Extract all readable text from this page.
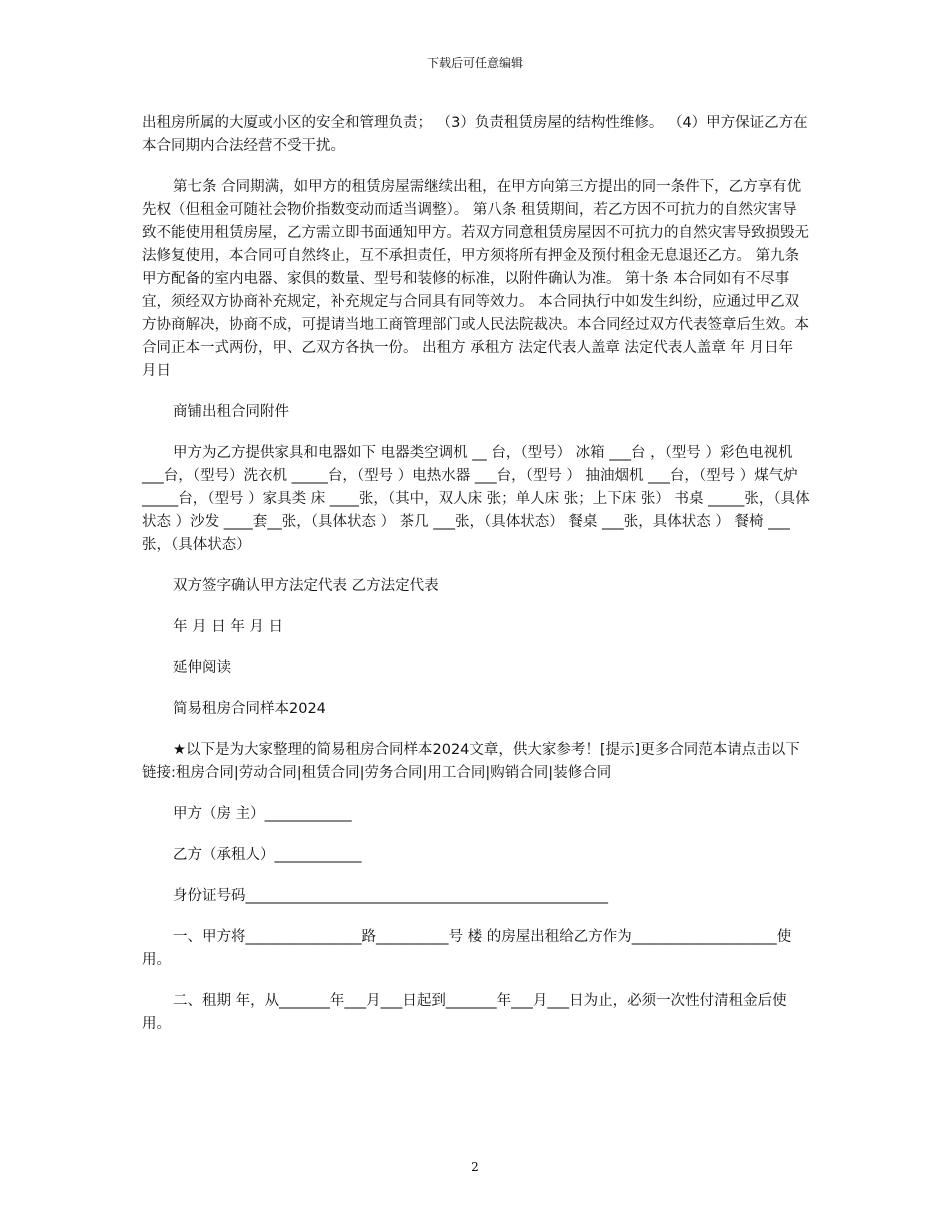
下载后可任意编辑

出租房所属的大厦或小区的安全和管理负责； （3）负责租赁房屋的结构性维修。 （4）甲方保证乙方在本合同期内合法经营不受干扰。

第七条 合同期满，如甲方的租赁房屋需继续出租，在甲方向第三方提出的同一条件下，乙方享有优先权（但租金可随社会物价指数变动而适当调整）。 第八条 租赁期间，若乙方因不可抗力的自然灾害导致不能使用租赁房屋，乙方需立即书面通知甲方。若双方同意租赁房屋因不可抗力的自然灾害导致损毁无法修复使用，本合同可自然终止，互不承担责任，甲方须将所有押金及预付租金无息退还乙方。 第九条 甲方配备的室内电器、家俱的数量、型号和装修的标准，以附件确认为准。 第十条 本合同如有不尽事宜，须经双方协商补充规定，补充规定与合同具有同等效力。 本合同执行中如发生纠纷，应通过甲乙双方协商解决，协商不成，可提请当地工商管理部门或人民法院裁决。本合同经过双方代表签章后生效。本合同正本一式两份，甲、乙双方各执一份。 出租方 承租方 法定代表人盖章 法定代表人盖章 年 月日年 月日

商铺出租合同附件

甲方为乙方提供家具和电器如下 电器类空调机 __ 台，（型号） 冰箱 ___台 ，（型号 ）彩色电视机 ___台，（型号）洗衣机 _____台，（型号 ）电热水器 ___台，（型号 ） 抽油烟机 ___台，（型号 ）煤气炉 _____台，（型号 ）家具类 床 ____张，（其中，双人床 张；单人床 张；上下床 张） 书桌 _____张，（具体状态 ）沙发 ____套__张，（具体状态 ） 茶几 ___张，（具体状态） 餐桌 ___张，具体状态 ） 餐椅 ___张，（具体状态）

双方签字确认甲方法定代表 乙方法定代表

年 月 日 年 月 日

延伸阅读

简易租房合同样本2024

★以下是为大家整理的简易租房合同样本2024文章，供大家参考！[提示]更多合同范本请点击以下链接:租房合同|劳动合同|租赁合同|劳务合同|用工合同|购销合同|装修合同

甲方（房 主）____________

乙方（承租人）____________

身份证号码__________________________________________________

一、甲方将________________路__________号 楼 的房屋出租给乙方作为____________________使用。

二、租期 年，从_______年___月___日起到_______年___月___日为止，必须一次性付清租金后使用。

2
